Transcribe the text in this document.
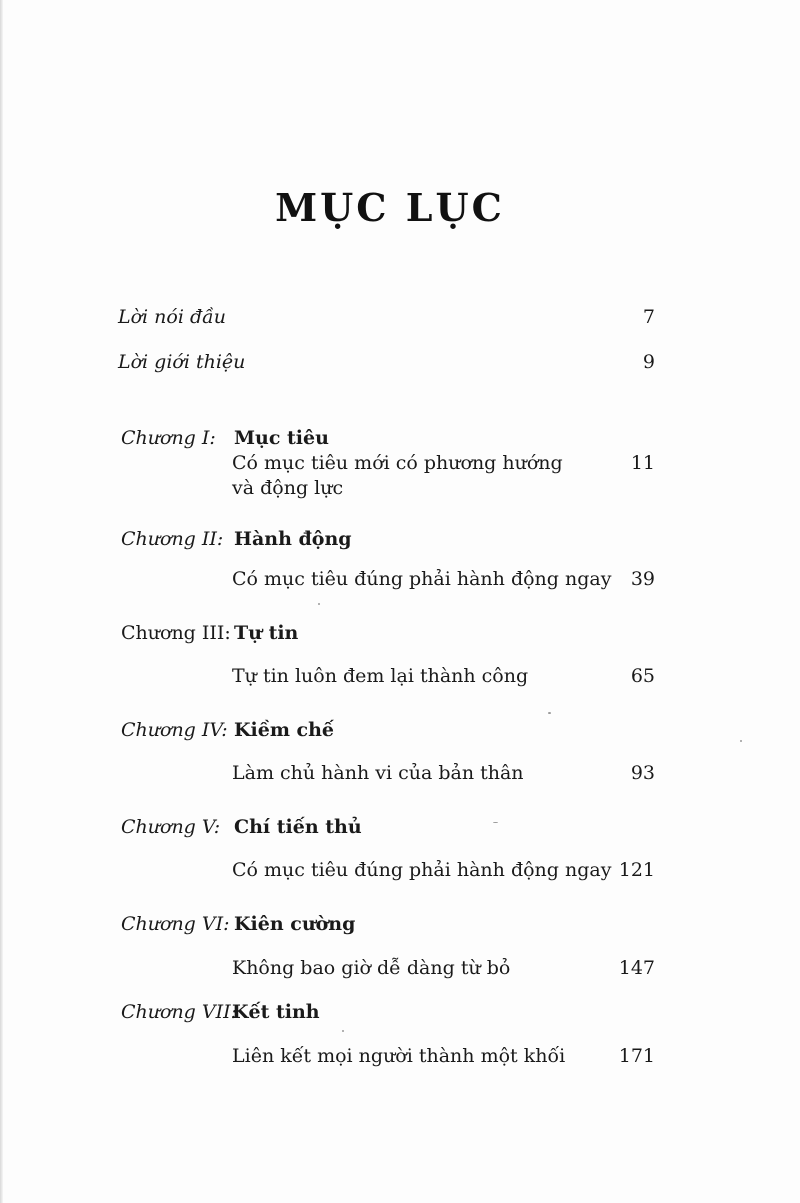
MỤC LỤC
Lời nói đầu	7
Lời giới thiệu	9
Chương I: Mục tiêu
Có mục tiêu mới có phương hướng	11
và động lực
Chương II: Hành động
Có mục tiêu đúng phải hành động ngay 39
Chương III: Tự tin
Tự tin luôn đem lại thành công	65
Chương IV: Kiềm chế
Làm chủ hành vi của bản thân	93
Chương V: Chí tiến thủ
Có mục tiêu đúng phải hành động ngay 121
Chương VI: Kiên cường
Không bao giờ dễ dàng từ bỏ	147
Chương VII:
Kết tinh
Liên kết mọi người thành một khối	171
